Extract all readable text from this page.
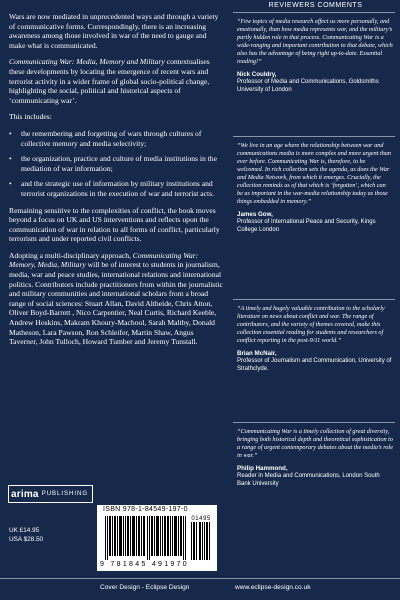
Wars are now mediated in unprecedented ways and through a variety of communicative forms. Correspondingly, there is an increasing awareness among those involved in war of the need to gauge and make what is communicated.

Communicating War: Media, Memory and Military contextualises these developments by locating the emergence of recent wars and terrorist activity in a wider frame of global socio-political change, highlighting the social, political and historical aspects of ‘communicating war’.

This includes:

• the remembering and forgetting of wars through cultures of collective memory and media selectivity;
• the organization, practice and culture of media institutions in the mediation of war information;
• and the strategic use of information by military institutions and terrorist organizations in the execution of war and terrorist acts.

Remaining sensitive to the complexities of conflict, the book moves beyond a focus on UK and US interventions and reflects upon the communication of war in relation to all forms of conflict, particularly terrorism and under reported civil conflicts.

Adopting a multi-disciplinary approach, Communicating War: Memory, Media, Military will be of interest to students in journalism, media, war and peace studies, international relations and international politics. Contributors include practitioners from within the journalistic and military communities and international scholars from a broad range of social sciences: Stuart Allan, David Altheide, Chris Atton, Oliver Boyd-Barrett , Nico Carpentier, Neal Curtis, Richard Keeble, Andrew Hoskins, Makram Khoury-Machool, Sarah Maltby, Donald Matheson, Lara Pawson, Ron Schleifer, Martin Shaw, Angus Taverner, John Tulloch, Howard Tumber and Jeremy Tunstall.

arima PUBLISHING
UK £14.95
USA $28.50
ISBN 978-1-84549-197-0
01495
9 781845 491970
REVIEWERS COMMENTS
“Few topics of media research affect us more personally, and emotionally, than how media represents war, and the military’s partly hidden role in that process. Communicating War is a wide-ranging and important contribution to that debate, which also has the advantage of being right up-to-date. Essential reading!”
Nick Couldry,
Professor of Media and Communications, Goldsmiths University of London
“We live in an age where the relationship between war and communications media is more complex and more urgent than ever before. Communicating War is, therefore, to be welcomed. In rich collection sets the agenda, as does the War and Media Network, from which it emerges. Crucially, the collection reminds us of that which is ‘forgotten’, which can be as important in the war-media relationship today as those things embedded in memory.”
James Gow,
Professor of International Peace and Security, Kings College London
“A timely and hugely valuable contribution to the scholarly literature on news about conflict and war. The range of contributors, and the variety of themes covered, make this collection essential reading for students and researchers of conflict reporting in the post-9/11 world.”
Brian McNair,
Professor of Journalism and Communication, University of Strathclyde.
“Communicating War is a timely collection of great diversity, bringing both historical depth and theoretical sophistication to a range of urgent contemporary debates about the media’s role in war.”
Philip Hammond,
Reader in Media and Communications, London South Bank University
Cover Design - Eclipse Design	www.eclipse-design.co.uk
